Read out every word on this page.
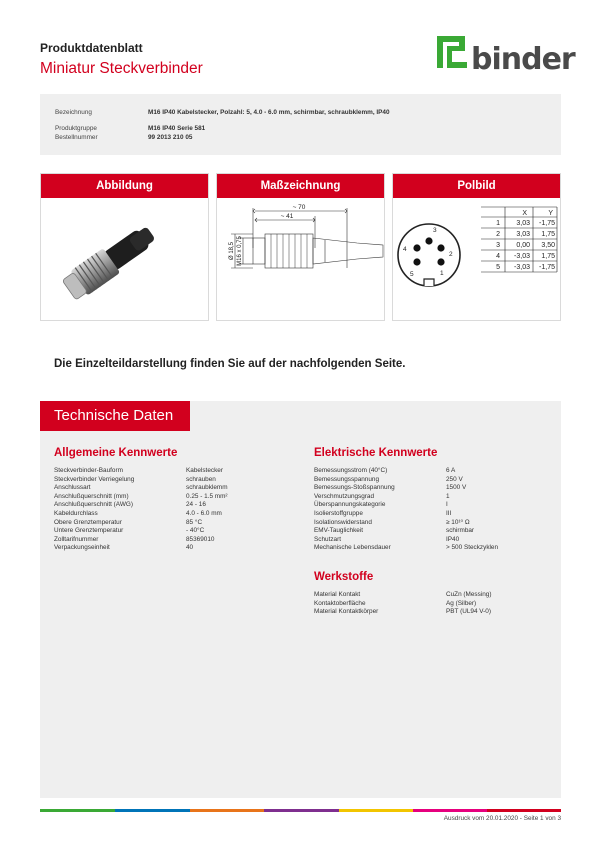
Produktdatenblatt
Miniatur Steckverbinder	binder
Bezeichnung	M16 IP40 Kabelstecker, Polzahl: 5, 4.0 - 6.0 mm, schirmbar, schraubklemm, IP40
Produktgruppe	M16 IP40 Serie 581
Bestellnummer	99 2013 210 05
Abbildung	Maßzeichnung
~ 70
~ 41
Ø 18,5 M16 x 0,75
Polbild
1
2
3
4
5
X	Y
1 3,03 -1,75
2 3,03 1,75
3 0,00 3,50
4 -3,03 1,75
5 -3,03 -1,75
Die Einzelteildarstellung finden Sie auf der nachfolgenden Seite.
Technische Daten
Allgemeine Kennwerte
Steckverbinder-Bauform	Kabelstecker
Steckverbinder Verriegelung	schrauben
Anschlussart	schraubklemm
Anschlußquerschnitt (mm)	0.25 - 1.5 mm²
Anschlußquerschnitt (AWG)	24 - 16
Kabeldurchlass	4.0 - 6.0 mm
Obere Grenztemperatur	85 °C
Untere Grenztemperatur	- 40°C
Zolltarifnummer	85369010
Verpackungseinheit	40
Elektrische Kennwerte
Bemessungsstrom (40°C)	6 A
Bemessungsspannung	250 V
Bemessungs-Stoßspannung	1500 V
Verschmutzungsgrad	1
Überspannungskategorie	I
Isolierstoffgruppe	III
Isolationswiderstand	≥ 10¹⁰ Ω
EMV-Tauglichkeit	schirmbar
Schutzart	IP40
Mechanische Lebensdauer	> 500 Steckzyklen
Werkstoffe
Material Kontakt	CuZn (Messing)
Kontaktoberfläche	Ag (Silber)
Material Kontaktkörper	PBT (UL94 V-0)
Ausdruck vom 20.01.2020 - Seite 1 von 3
